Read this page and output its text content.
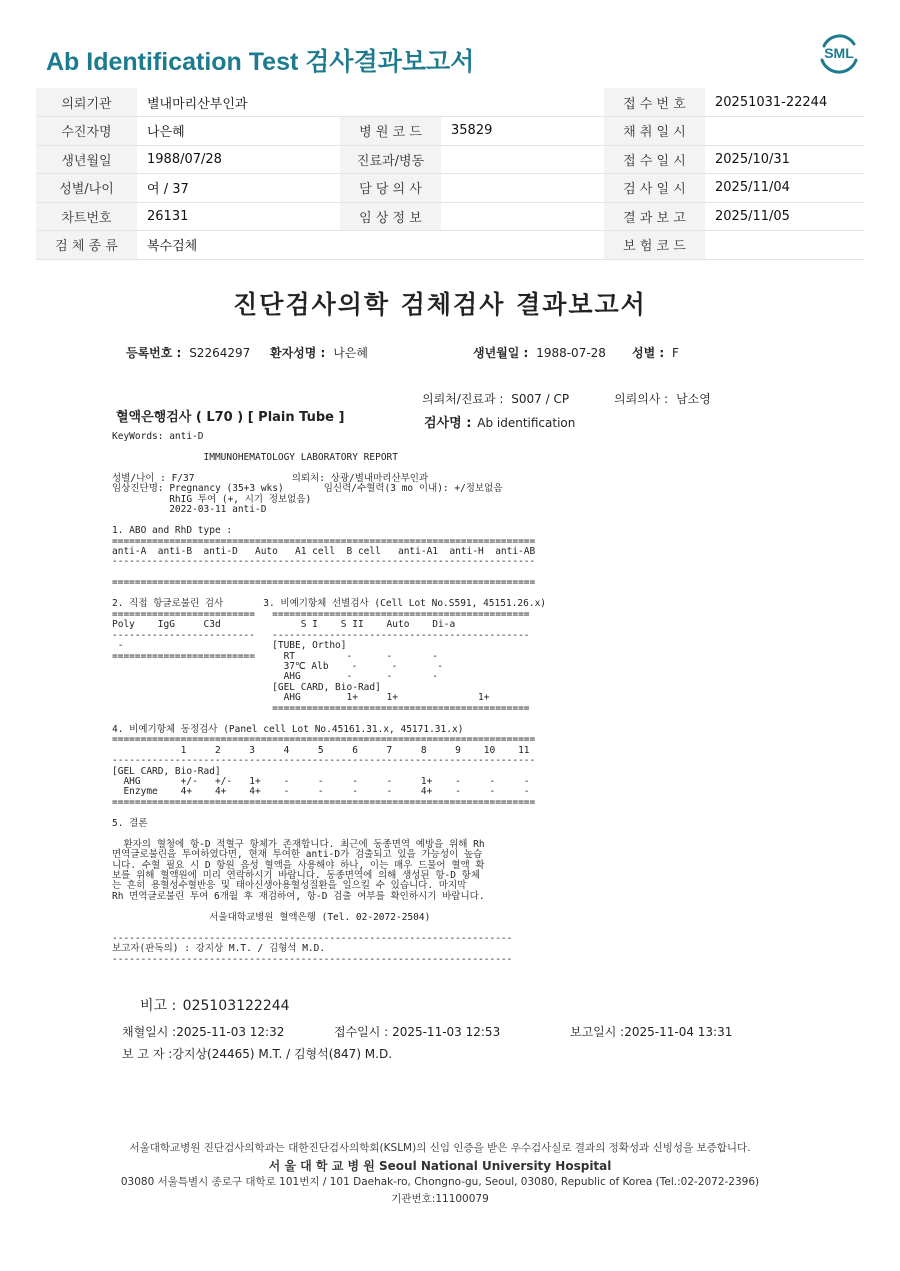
Ab Identification Test 검사결과보고서	SML
의뢰기관	별내마리산부인과			접 수 번 호	20251031-22244
수진자명	나은혜	병 원 코 드	35829	채 취 일 시	
생년월일	1988/07/28	진료과/병동		접 수 일 시	2025/10/31
성별/나이	여 / 37	담 당 의 사		검 사 일 시	2025/11/04
차트번호	26131	임 상 정 보		결 과 보 고	2025/11/05
검 체 종 류	복수검체			보 험 코 드	
진단검사의학 검체검사 결과보고서
등록번호 : S2264297 환자성명 : 나은혜	생년월일 : 1988-07-28 성별 : F
의뢰처/진료과 : S007 / CP	의뢰의사 : 남소영
혈액은행검사 ( L70 ) [ Plain Tube ]	검사명 : Ab identification
KeyWords: anti-D

IMMUNOHEMATOLOGY LABORATORY REPORT

성별/나이 : F/37                 의뢰처: 상광/별내마리산부인과
임상진단명: Pregnancy (35+3 wks)       임신력/수혈력(3 mo 이내): +/정보없음
RhIG 투여 (+, 시기 정보없음)
2022-03-11 anti-D

1. ABO and RhD type :
==========================================================================
anti-A  anti-B  anti-D   Auto   A1 cell  B cell   anti-A1  anti-H  anti-AB
--------------------------------------------------------------------------

==========================================================================

2. 직접 항글로불린 검사       3. 비예기항체 선별검사 (Cell Lot No.S591, 45151.26.x)
=========================   =============================================
Poly    IgG     C3d              S I    S II    Auto    Di-a
-------------------------   ---------------------------------------------
-                          [TUBE, Ortho]
=========================     RT         -      -       -
37℃ Alb    -      -       -
AHG        -      -       -
[GEL CARD, Bio-Rad]
AHG        1+     1+              1+
=============================================

4. 비예기항체 동정검사 (Panel cell Lot No.45161.31.x, 45171.31.x)
==========================================================================
1     2     3     4     5     6     7     8     9    10    11
--------------------------------------------------------------------------
[GEL CARD, Bio-Rad]
AHG       +/-   +/-   1+    -     -     -     -     1+    -     -     -
Enzyme    4+    4+    4+    -     -     -     -     4+    -     -     -
==========================================================================

5. 결론

환자의 혈청에 항-D 적혈구 항체가 존재합니다. 최근에 동종면역 예방을 위해 Rh
면역글로불린을 투여하였다면, 현재 투여한 anti-D가 검출되고 있을 가능성이 높습
니다. 수혈 필요 시 D 항원 음성 혈액을 사용해야 하나, 이는 매우 드물어 혈액 확
보를 위해 혈액원에 미리 연락하시기 바랍니다. 동종면역에 의해 생성된 항-D 항체
는 흔히 용혈성수혈반응 및 태아신생아용혈성질환을 일으킬 수 있습니다. 마지막
Rh 면역글로불린 투여 6개월 후 재검하여, 항-D 검출 여부를 확인하시기 바랍니다.

서울대학교병원 혈액은행 (Tel. 02-2072-2504)

----------------------------------------------------------------------
보고자(판독의) : 강지상 M.T. / 김형석 M.D.
----------------------------------------------------------------------
비고 : 025103122244
채혈일시 :2025-11-03 12:32	접수일시 : 2025-11-03 12:53	보고일시 :2025-11-04 13:31
보 고 자 :강지상(24465) M.T. / 김형석(847) M.D.
서울대학교병원 진단검사의학과는 대한진단검사의학회(KSLM)의 신임 인증을 받은 우수검사실로 결과의 정확성과 신빙성을 보증합니다.
서 울 대 학 교 병 원 Seoul National University Hospital
03080 서울특별시 종로구 대학로 101번지 / 101 Daehak-ro, Chongno-gu, Seoul, 03080, Republic of Korea (Tel.:02-2072-2396)
기관번호:11100079
